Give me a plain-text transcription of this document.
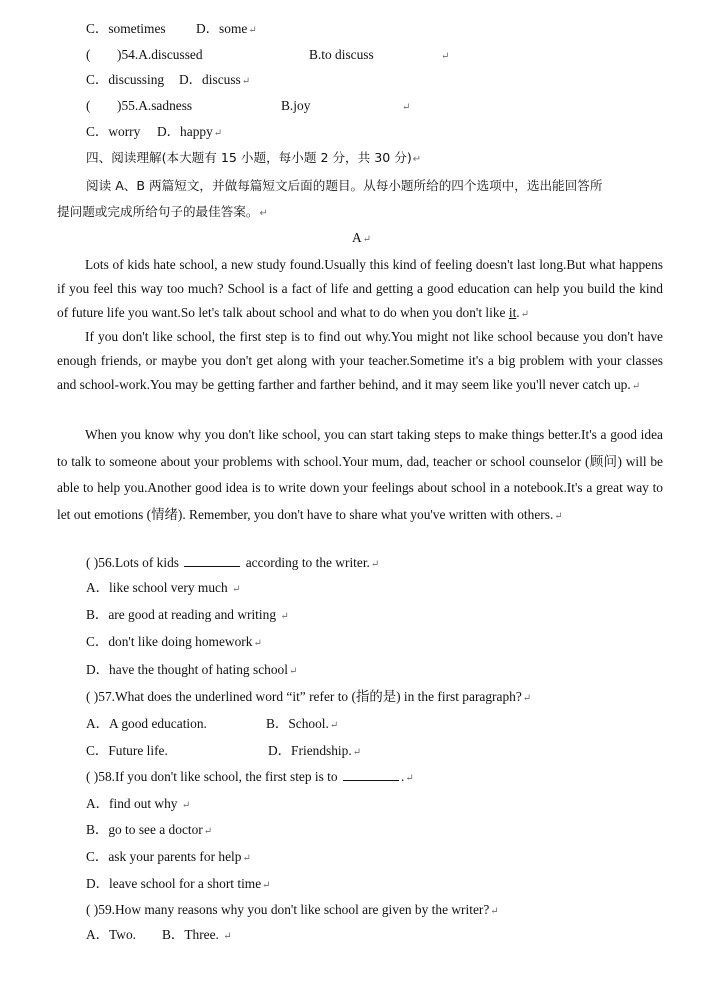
C．sometimes D．some↵
( )54.A.discussed	B.to discuss	↵
C．discussing D．discuss↵
( )55.A.sadness	B.joy	↵
C．worry D．happy↵
四、阅读理解(本大题有 15 小题，每小题 2 分，共 30 分)↵
阅读 A、B 两篇短文，并做每篇短文后面的题目。从每小题所给的四个选项中，选出能回答所
提问题或完成所给句子的最佳答案。↵
A↵

Lots of kids hate school, a new study found.Usually this kind of feeling doesn't last long.But what happens if you feel this way too much? School is a fact of life and getting a good education can help you build the kind of future life you want.So let's talk about school and what to do when you don't like it.↵

If you don't like school, the first step is to find out why.You might not like school because you don't have enough friends, or maybe you don't get along with your teacher.Sometime it's a big problem with your classes and school-work.You may be getting farther and farther behind, and it may seem like you'll never catch up.↵

When you know why you don't like school, you can start taking steps to make things better.It's a good idea to talk to someone about your problems with school.Your mum, dad, teacher or school counselor (顾问) will be able to help you.Another good idea is to write down your feelings about school in a notebook.It's a great way to let out emotions (情绪). Remember, you don't have to share what you've written with others.↵

( )56.Lots of kids	according to the writer.↵
A．like school very much ↵
B．are good at reading and writing ↵
C．don't like doing homework↵
D．have the thought of hating school↵
( )57.What does the underlined word “it” refer to (指的是) in the first paragraph?↵
A．A good education.	B．School.↵
C．Future life.	D．Friendship.↵
( )58.If you don't like school, the first step is to	.↵
A．find out why ↵
B．go to see a doctor↵
C．ask your parents for help↵
D．leave school for a short time↵
( )59.How many reasons why you don't like school are given by the writer?↵
A．Two. B．Three. ↵
